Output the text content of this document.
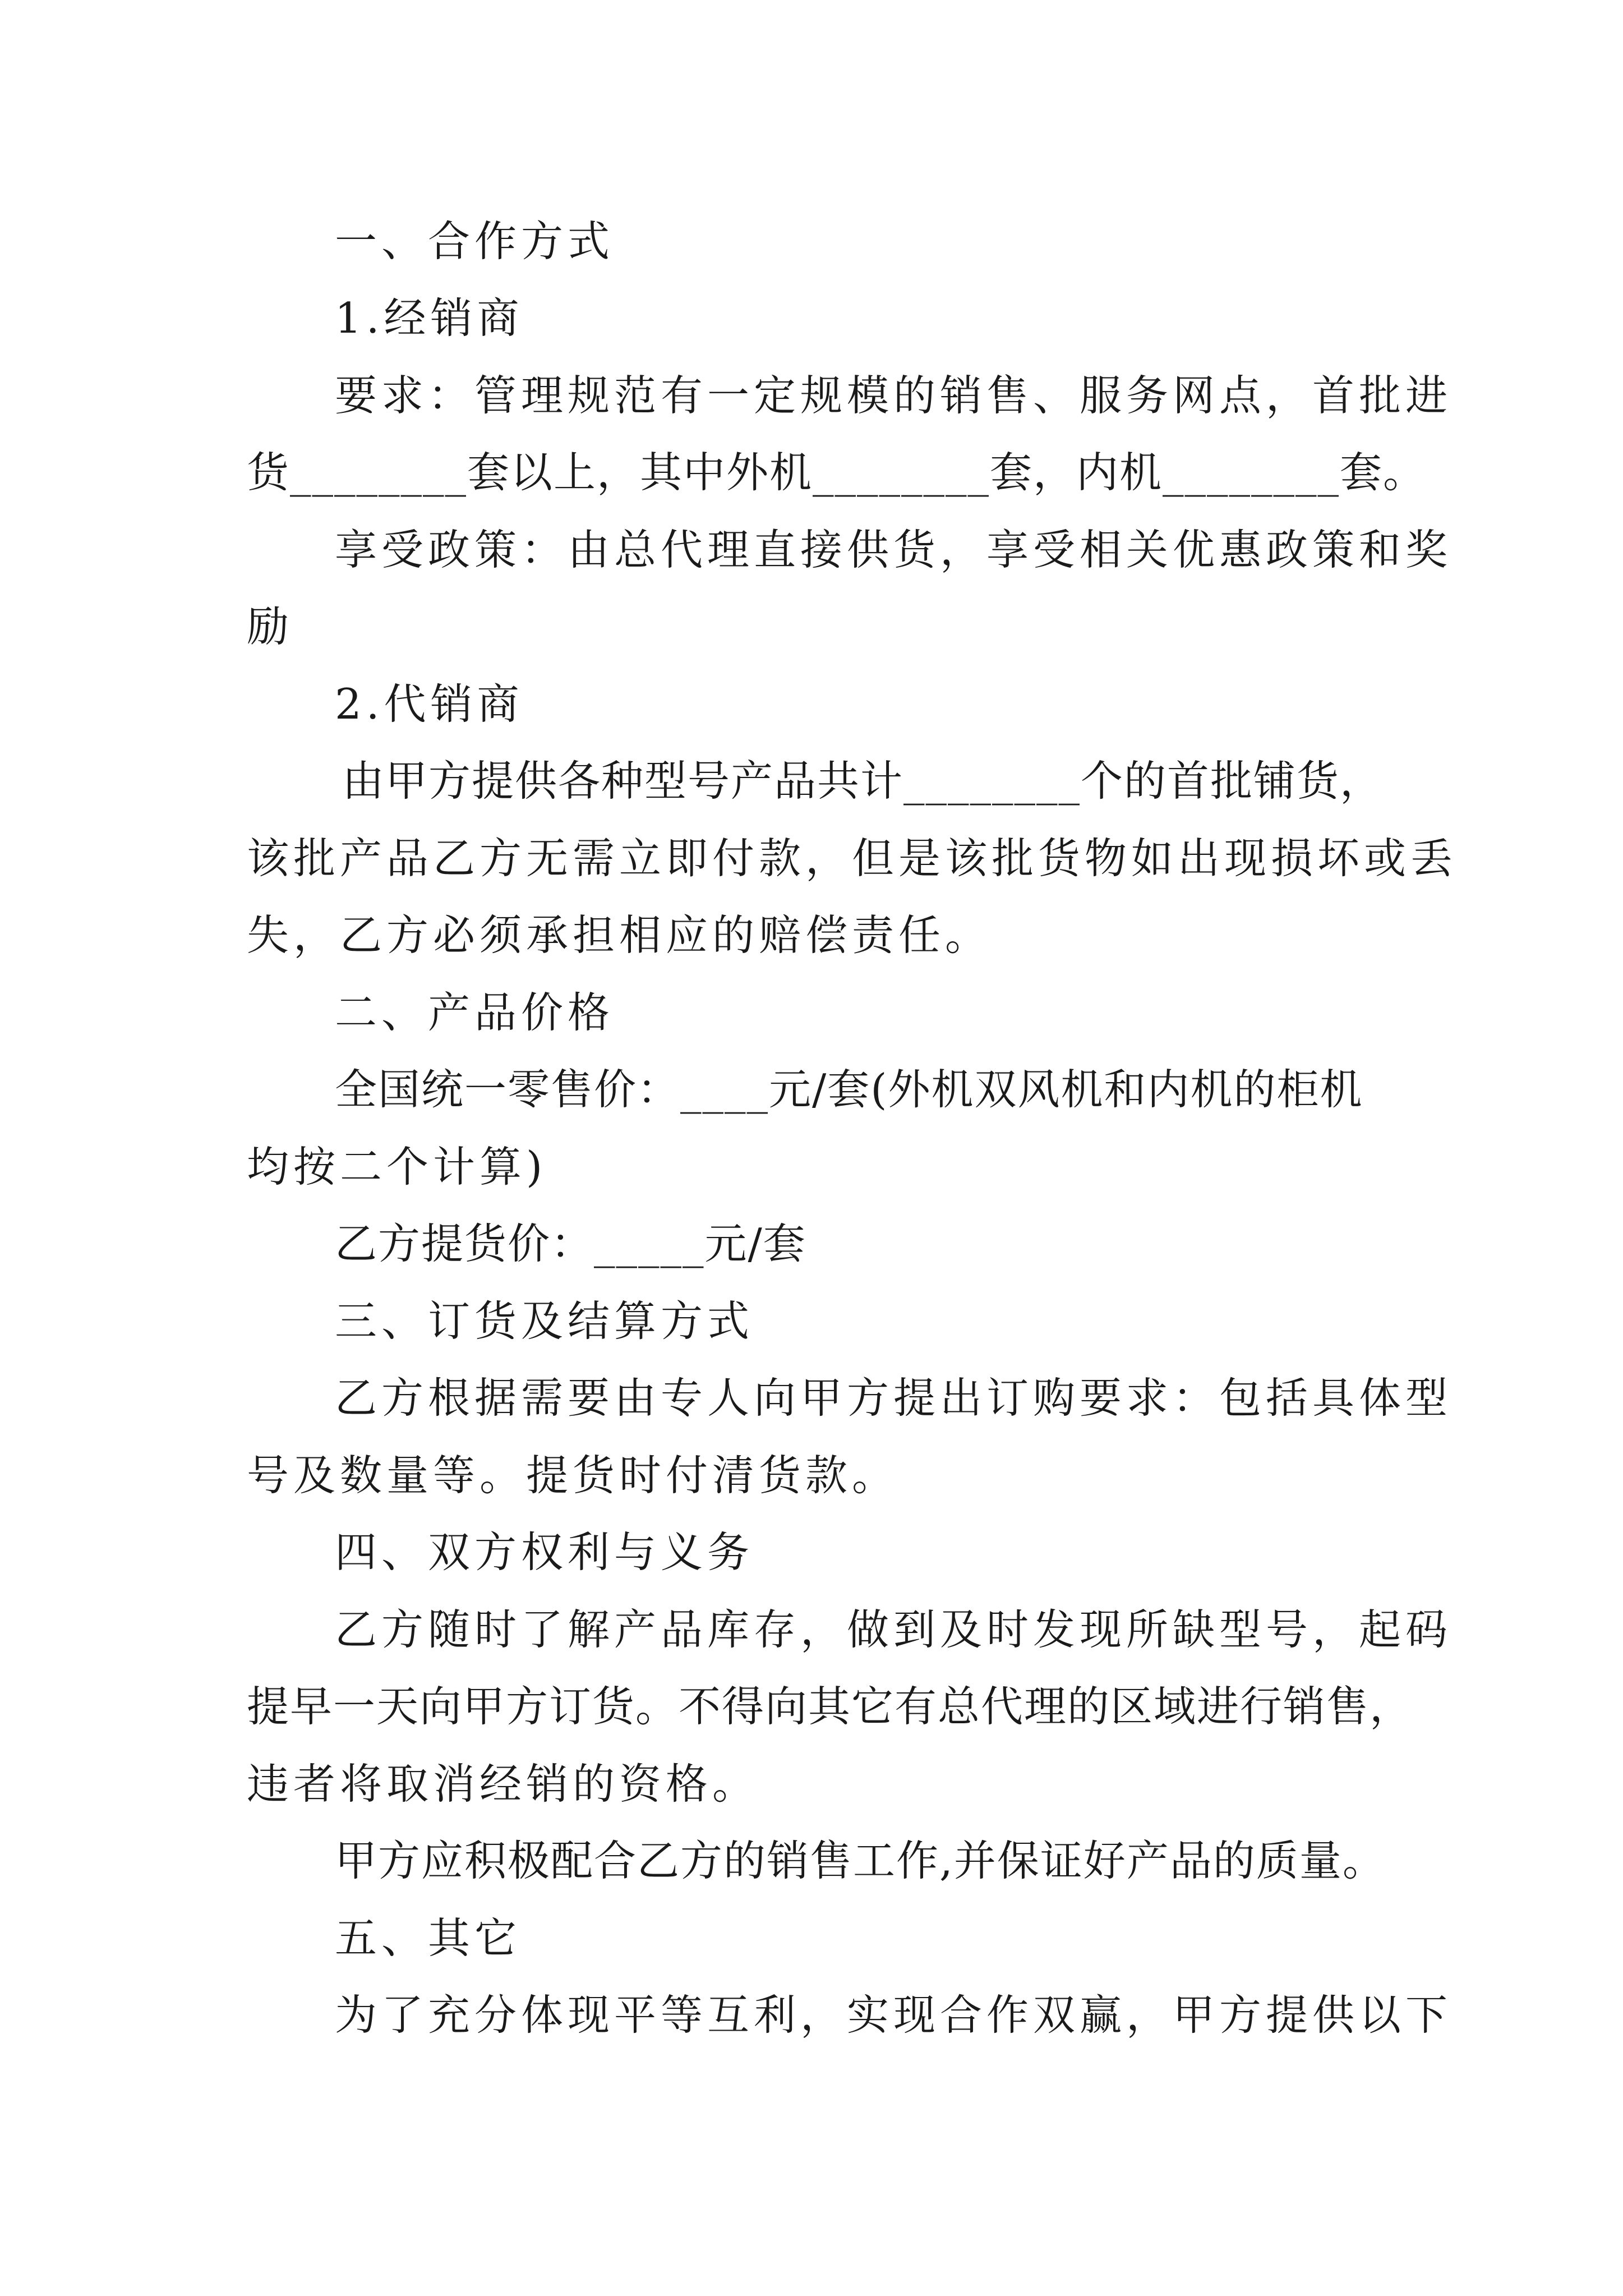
一、合作方式
1.经销商
要求：管理规范有一定规模的销售、服务网点，首批进
货________套以上，其中外机________套，内机________套。
享受政策：由总代理直接供货，享受相关优惠政策和奖
励
2.代销商
由甲方提供各种型号产品共计________个的首批铺货，
该批产品乙方无需立即付款，但是该批货物如出现损坏或丢
失，乙方必须承担相应的赔偿责任。
二、产品价格
全国统一零售价：____元/套(外机双风机和内机的柜机
均按二个计算)
乙方提货价：_____元/套
三、订货及结算方式
乙方根据需要由专人向甲方提出订购要求：包括具体型
号及数量等。提货时付清货款。
四、双方权利与义务
乙方随时了解产品库存，做到及时发现所缺型号，起码
提早一天向甲方订货。不得向其它有总代理的区域进行销售，
违者将取消经销的资格。
甲方应积极配合乙方的销售工作,并保证好产品的质量。
五、其它
为了充分体现平等互利，实现合作双赢，甲方提供以下
